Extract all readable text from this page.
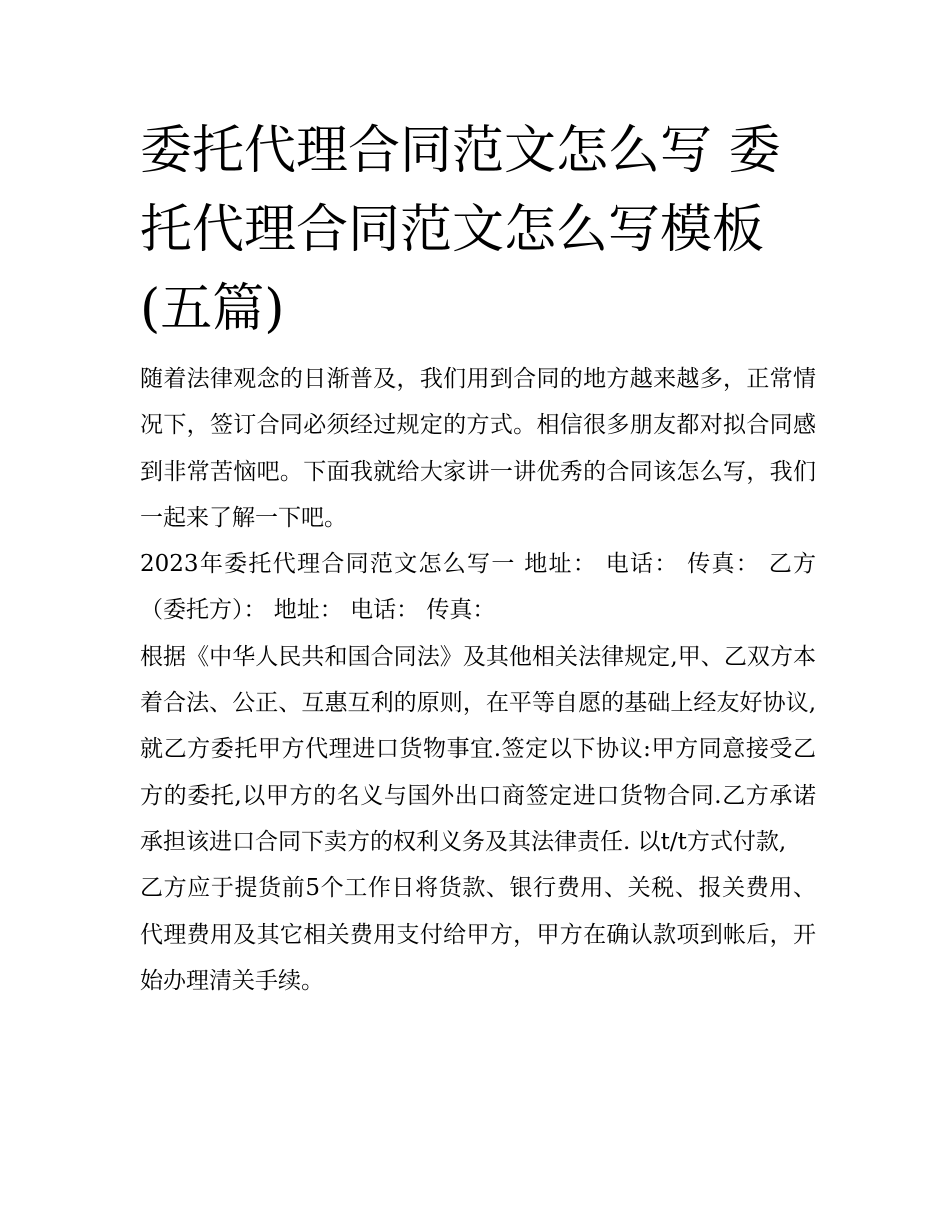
委托代理合同范文怎么写 委托代理合同范文怎么写模板(五篇)

随着法律观念的日渐普及，我们用到合同的地方越来越多，正常情况下，签订合同必须经过规定的方式。相信很多朋友都对拟合同感到非常苦恼吧。下面我就给大家讲一讲优秀的合同该怎么写，我们一起来了解一下吧。

2023年委托代理合同范文怎么写一 地址： 电话： 传真： 乙方（委托方）： 地址： 电话： 传真：

根据《中华人民共和国合同法》及其他相关法律规定,甲、乙双方本着合法、公正、互惠互利的原则，在平等自愿的基础上经友好协议,就乙方委托甲方代理进口货物事宜.签定以下协议:甲方同意接受乙方的委托,以甲方的名义与国外出口商签定进口货物合同.乙方承诺承担该进口合同下卖方的权利义务及其法律责任. 以t/t方式付款,

乙方应于提货前5个工作日将货款、银行费用、关税、报关费用、代理费用及其它相关费用支付给甲方，甲方在确认款项到帐后，开始办理清关手续。
